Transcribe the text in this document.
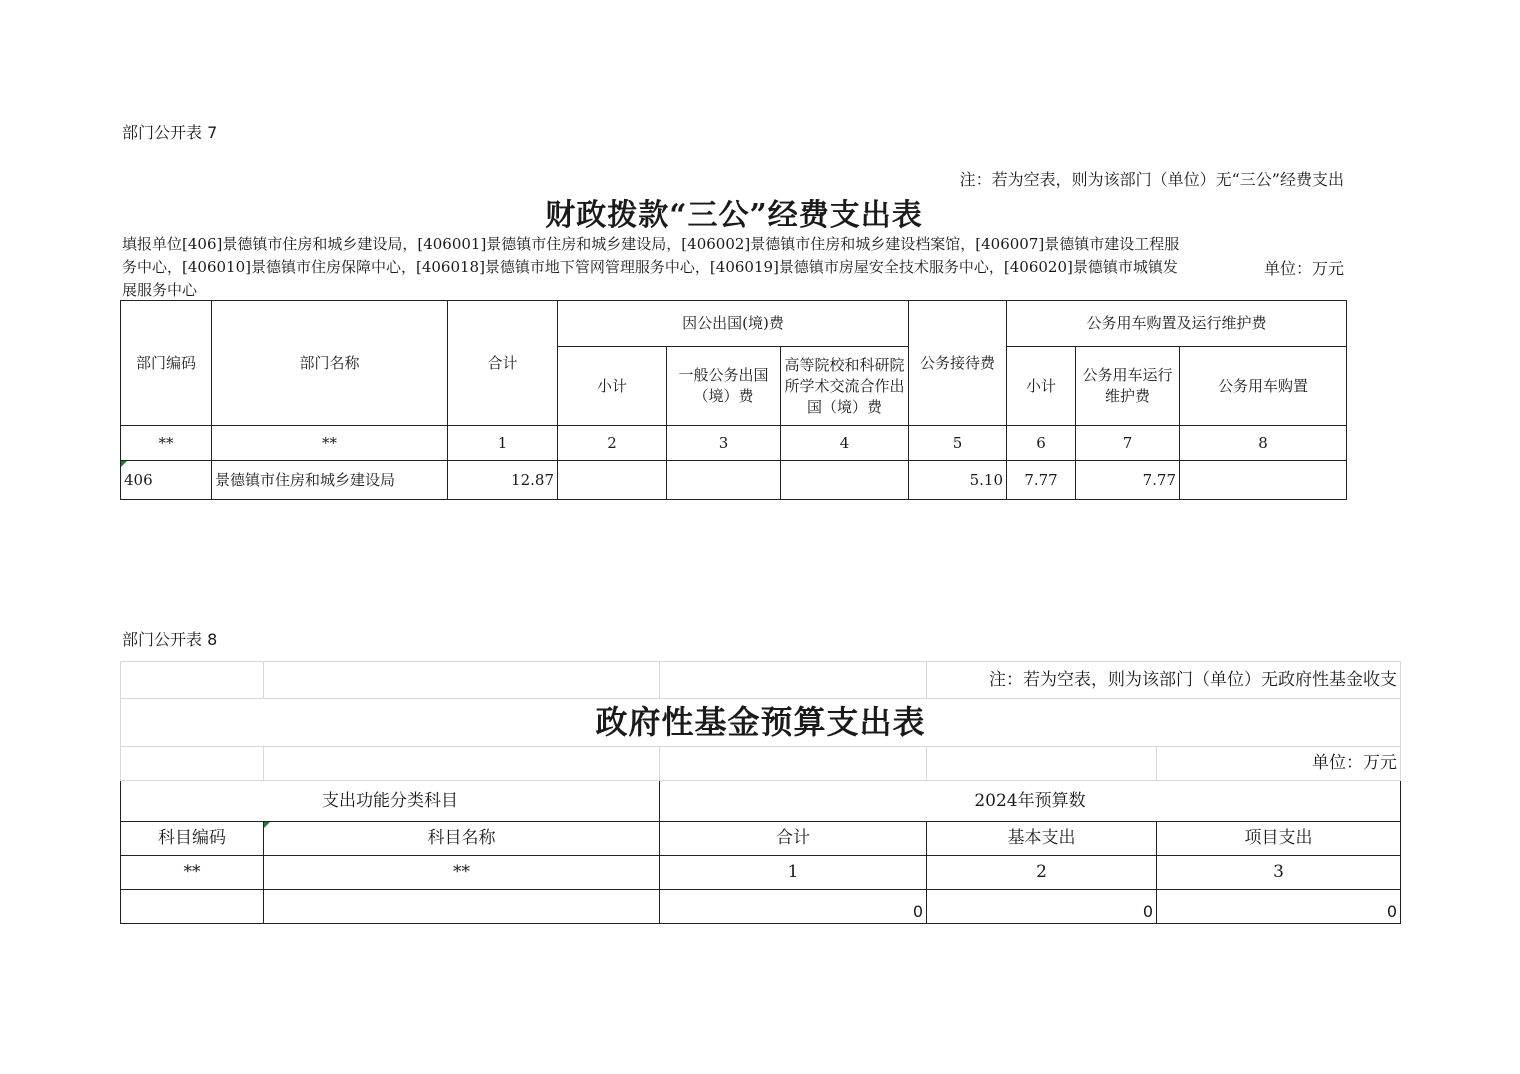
部门公开表 7
注：若为空表，则为该部门（单位）无“三公”经费支出
财政拨款“三公”经费支出表
填报单位[406]景德镇市住房和城乡建设局，[406001]景德镇市住房和城乡建设局，[406002]景德镇市住房和城乡建设档案馆，[406007]景德镇市建设工程服务中心，[406010]景德镇市住房保障中心，[406018]景德镇市地下管网管理服务中心，[406019]景德镇市房屋安全技术服务中心，[406020]景德镇市城镇发展服务中心
单位：万元
部门编码	部门名称	合计	因公出国(境)费			公务接待费	公务用车购置及运行维护费		
			小计	一般公务出国（境）费	高等院校和科研院所学术交流合作出国（境）费		小计	公务用车运行维护费	公务用车购置
**	**	1	2	3	4	5	6	7	8

406	景德镇市住房和城乡建设局	12.87				5.10	7.77	7.77	
部门公开表 8
			注：若为空表，则为该部门（单位）无政府性基金收支	
政府性基金预算支出表				
				单位：万元
支出功能分类科目		2024年预算数		
科目编码	科目名称	合计	基本支出	项目支出
**	**	1	2	3
		0	0	0
